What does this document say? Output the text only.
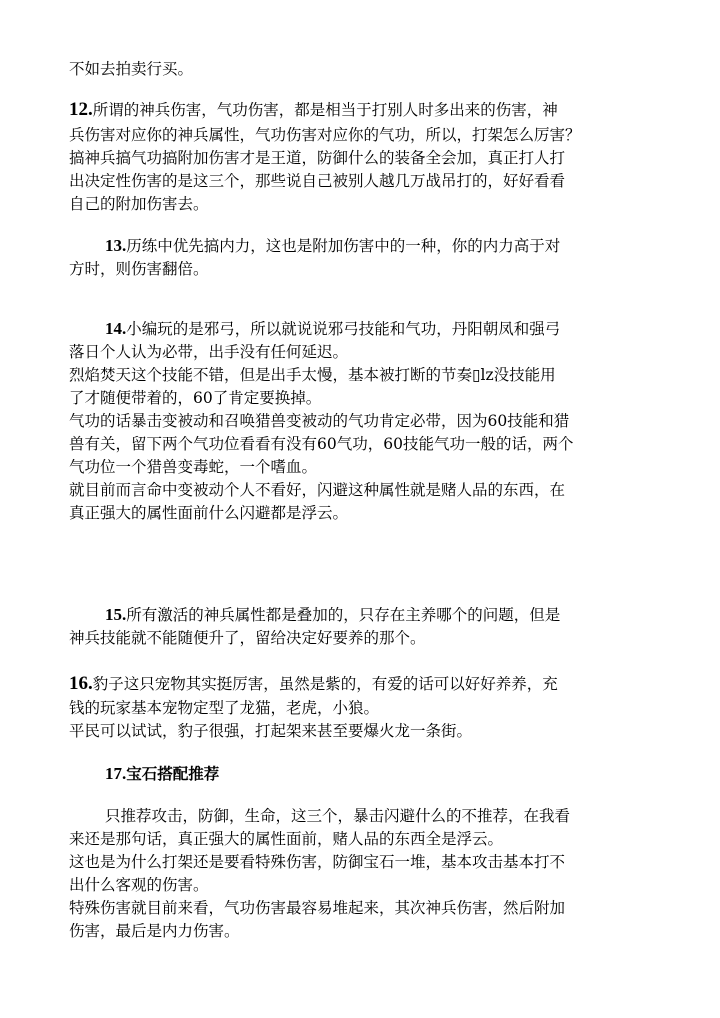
不如去拍卖行买。
12.所谓的神兵伤害，气功伤害，都是相当于打别人时多出来的伤害，神
兵伤害对应你的神兵属性，气功伤害对应你的气功，所以，打架怎么厉害？
搞神兵搞气功搞附加伤害才是王道，防御什么的装备全会加，真正打人打
出决定性伤害的是这三个，那些说自己被别人越几万战吊打的，好好看看
自己的附加伤害去。
13.历练中优先搞内力，这也是附加伤害中的一种，你的内力高于对
方时，则伤害翻倍。
14.小编玩的是邪弓，所以就说说邪弓技能和气功，丹阳朝凤和强弓
落日个人认为必带，出手没有任何延迟。
烈焰焚天这个技能不错，但是出手太慢，基本被打断的节奏▯lz没技能用
了才随便带着的，60了肯定要换掉。
气功的话暴击变被动和召唤猎兽变被动的气功肯定必带，因为60技能和猎
兽有关，留下两个气功位看看有没有60气功，60技能气功一般的话，两个
气功位一个猎兽变毒蛇，一个嗜血。
就目前而言命中变被动个人不看好，闪避这种属性就是赌人品的东西，在
真正强大的属性面前什么闪避都是浮云。
15.所有激活的神兵属性都是叠加的，只存在主养哪个的问题，但是
神兵技能就不能随便升了，留给决定好要养的那个。
16.豹子这只宠物其实挺厉害，虽然是紫的，有爱的话可以好好养养，充
钱的玩家基本宠物定型了龙猫，老虎，小狼。
平民可以试试，豹子很强，打起架来甚至要爆火龙一条街。
17.宝石搭配推荐
只推荐攻击，防御，生命，这三个，暴击闪避什么的不推荐，在我看
来还是那句话，真正强大的属性面前，赌人品的东西全是浮云。
这也是为什么打架还是要看特殊伤害，防御宝石一堆，基本攻击基本打不
出什么客观的伤害。
特殊伤害就目前来看，气功伤害最容易堆起来，其次神兵伤害，然后附加
伤害，最后是内力伤害。
